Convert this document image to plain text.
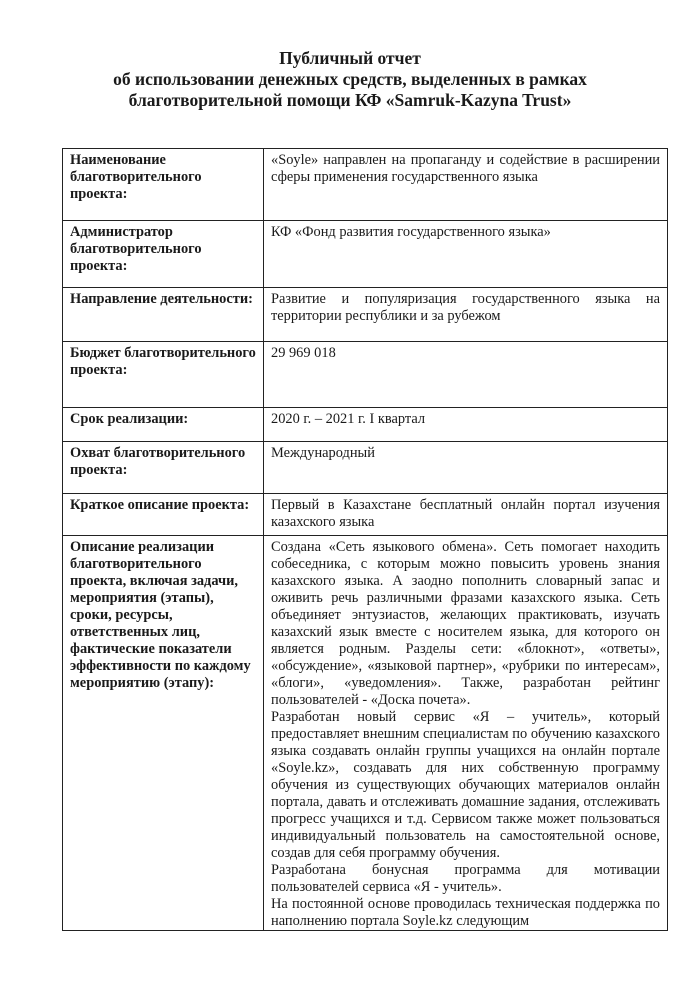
Публичный отчет
об использовании денежных средств, выделенных в рамках
благотворительной помощи КФ «Samruk-Kazyna Trust»
Наименование благотворительного проекта:	«Soyle» направлен на пропаганду и содействие в расширении сферы применения государственного языка
Администратор благотворительного проекта:	КФ «Фонд развития государственного языка»
Направление деятельности:	Развитие и популяризация государственного языка на территории республики и за рубежом
Бюджет благотворительного проекта:	29 969 018
Срок реализации:	2020 г. – 2021 г. I квартал
Охват благотворительного проекта:	Международный
Краткое описание проекта:	Первый в Казахстане бесплатный онлайн портал изучения казахского языка
Описание реализации благотворительного проекта, включая задачи, мероприятия (этапы), сроки, ресурсы, ответственных лиц, фактические показатели эффективности по каждому мероприятию (этапу):	Создана «Сеть языкового обмена». Сеть помогает находить собеседника, с которым можно повысить уровень знания казахского языка. А заодно пополнить словарный запас и оживить речь различными фразами казахского языка. Сеть объединяет энтузиастов, желающих практиковать, изучать казахский язык вместе с носителем языка, для которого он является родным. Разделы сети: «блокнот», «ответы», «обсуждение», «языковой партнер», «рубрики по интересам», «блоги», «уведомления». Также, разработан рейтинг пользователей - «Доска почета».
Разработан новый сервис «Я – учитель», который предоставляет внешним специалистам по обучению казахского языка создавать онлайн группы учащихся на онлайн портале «Soyle.kz», создавать для них собственную программу обучения из существующих обучающих материалов онлайн портала, давать и отслеживать домашние задания, отслеживать прогресс учащихся и т.д. Сервисом также может пользоваться индивидуальный пользователь на самостоятельной основе, создав для себя программу обучения.
Разработана бонусная программа для мотивации пользователей сервиса «Я - учитель».
На постоянной основе проводилась техническая поддержка по наполнению портала Soyle.kz следующим
